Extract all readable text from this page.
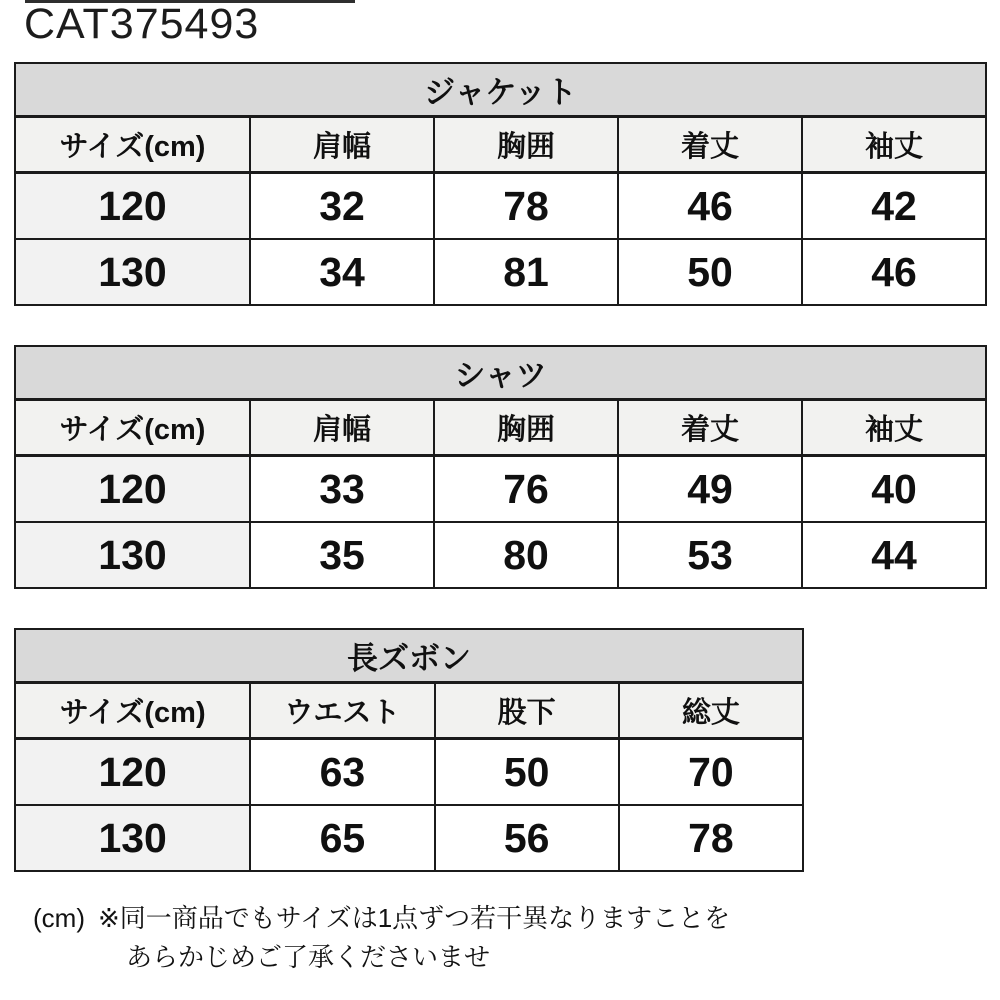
CAT375493
ジャケット				
サイズ(cm)	肩幅	胸囲	着丈	袖丈
120	32	78	46	42
130	34	81	50	46
シャツ				
サイズ(cm)	肩幅	胸囲	着丈	袖丈
120	33	76	49	40
130	35	80	53	44
長ズボン			
サイズ(cm)	ウエスト	股下	総丈
120	63	50	70
130	65	56	78
(cm) ※同一商品でもサイズは1点ずつ若干異なりますことを
あらかじめご了承くださいませ
